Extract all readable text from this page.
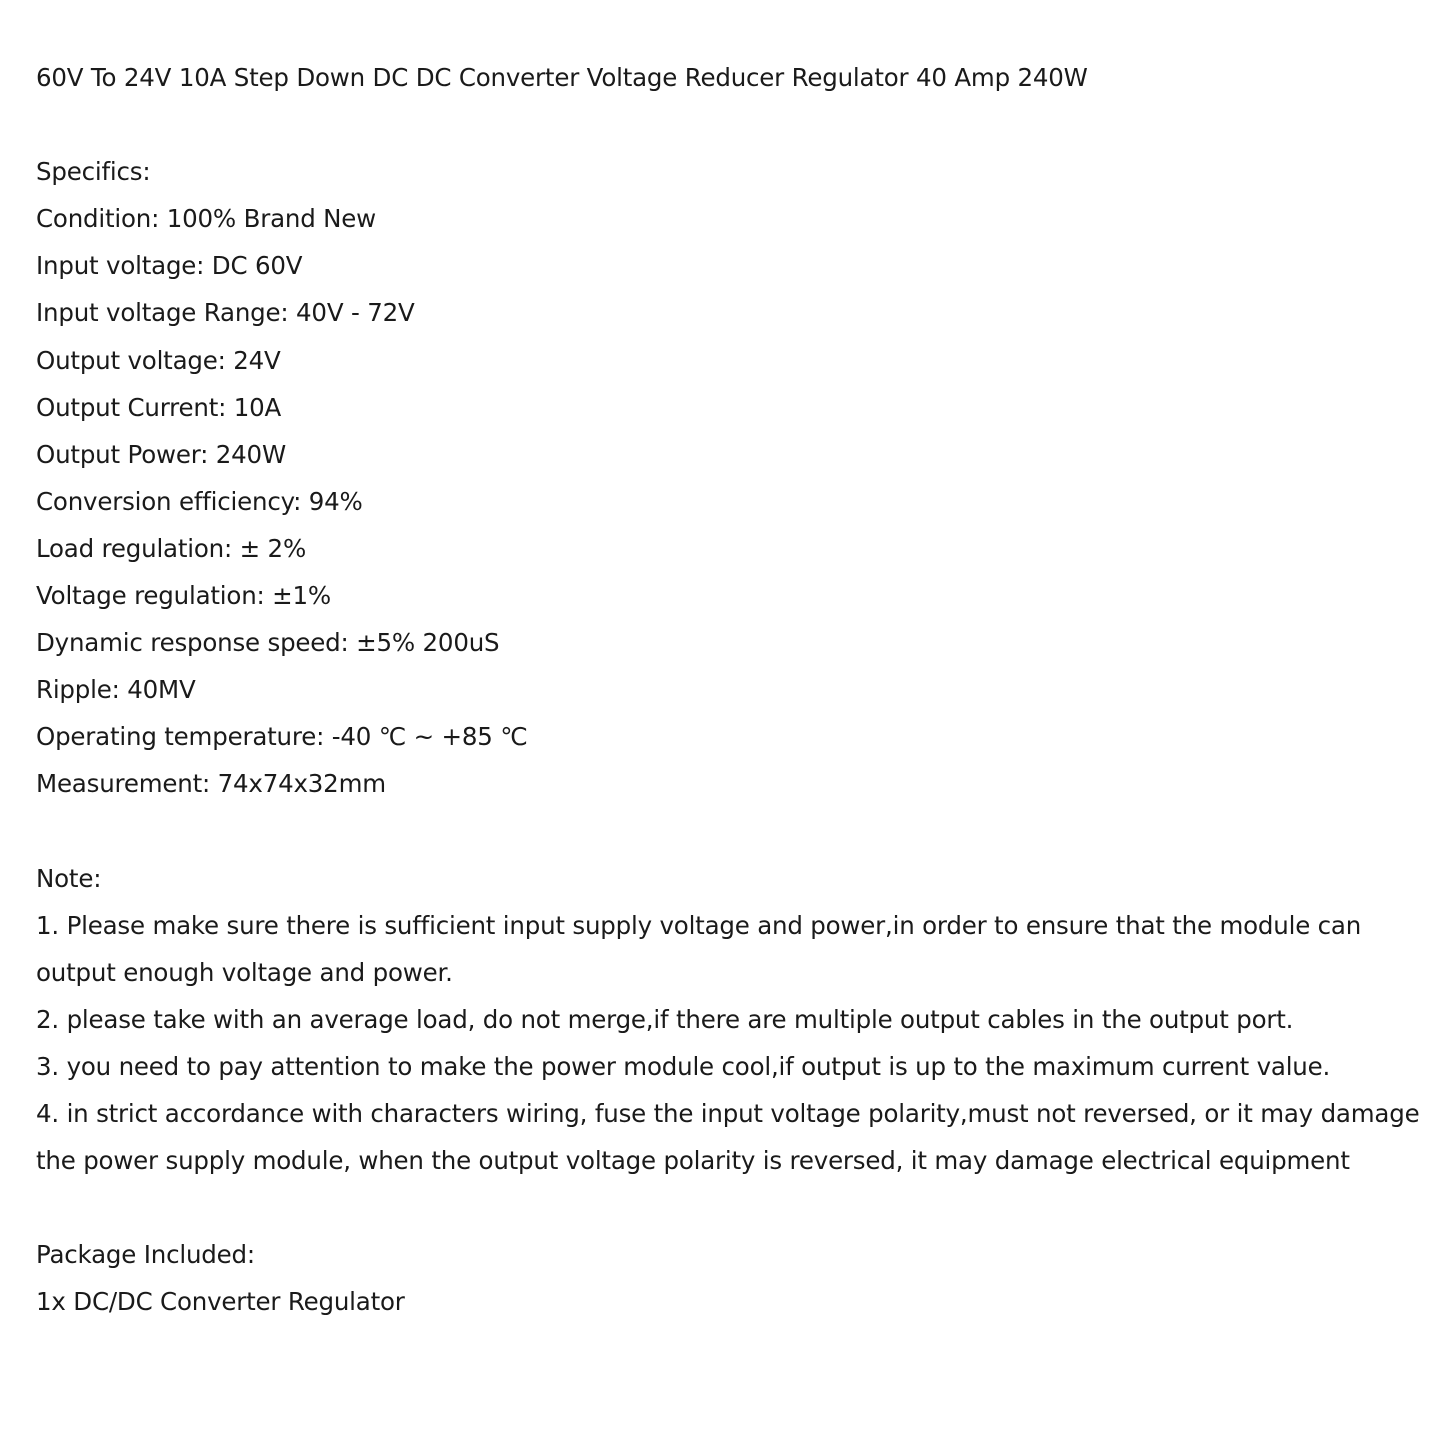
60V To 24V 10A Step Down DC DC Converter Voltage Reducer Regulator 40 Amp 240W
Specifics:
Condition: 100% Brand New
Input voltage: DC 60V
Input voltage Range: 40V - 72V
Output voltage: 24V
Output Current: 10A
Output Power: 240W
Conversion efficiency: 94%
Load regulation: ± 2%
Voltage regulation: ±1%
Dynamic response speed: ±5% 200uS
Ripple: 40MV
Operating temperature: -40 ℃ ~ +85 ℃
Measurement: 74x74x32mm
Note:
1. Please make sure there is sufficient input supply voltage and power,in order to ensure that the module can output enough voltage and power.
2. please take with an average load, do not merge,if there are multiple output cables in the output port.
3. you need to pay attention to make the power module cool,if output is up to the maximum current value.
4. in strict accordance with characters wiring, fuse the input voltage polarity,must not reversed, or it may damage the power supply module, when the output voltage polarity is reversed, it may damage electrical equipment
Package Included:
1x DC/DC Converter Regulator
